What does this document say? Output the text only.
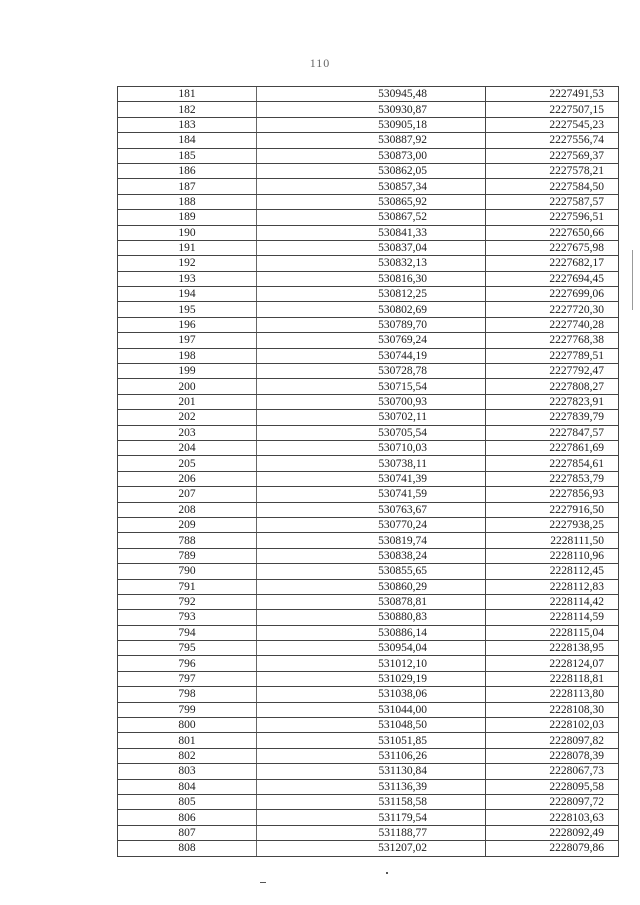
110
181	530945,48	2227491,53
182	530930,87	2227507,15
183	530905,18	2227545,23
184	530887,92	2227556,74
185	530873,00	2227569,37
186	530862,05	2227578,21
187	530857,34	2227584,50
188	530865,92	2227587,57
189	530867,52	2227596,51
190	530841,33	2227650,66
191	530837,04	2227675,98
192	530832,13	2227682,17
193	530816,30	2227694,45
194	530812,25	2227699,06
195	530802,69	2227720,30
196	530789,70	2227740,28
197	530769,24	2227768,38
198	530744,19	2227789,51
199	530728,78	2227792,47
200	530715,54	2227808,27
201	530700,93	2227823,91
202	530702,11	2227839,79
203	530705,54	2227847,57
204	530710,03	2227861,69
205	530738,11	2227854,61
206	530741,39	2227853,79
207	530741,59	2227856,93
208	530763,67	2227916,50
209	530770,24	2227938,25
788	530819,74	2228111,50
789	530838,24	2228110,96
790	530855,65	2228112,45
791	530860,29	2228112,83
792	530878,81	2228114,42
793	530880,83	2228114,59
794	530886,14	2228115,04
795	530954,04	2228138,95
796	531012,10	2228124,07
797	531029,19	2228118,81
798	531038,06	2228113,80
799	531044,00	2228108,30
800	531048,50	2228102,03
801	531051,85	2228097,82
802	531106,26	2228078,39
803	531130,84	2228067,73
804	531136,39	2228095,58
805	531158,58	2228097,72
806	531179,54	2228103,63
807	531188,77	2228092,49
808	531207,02	2228079,86
